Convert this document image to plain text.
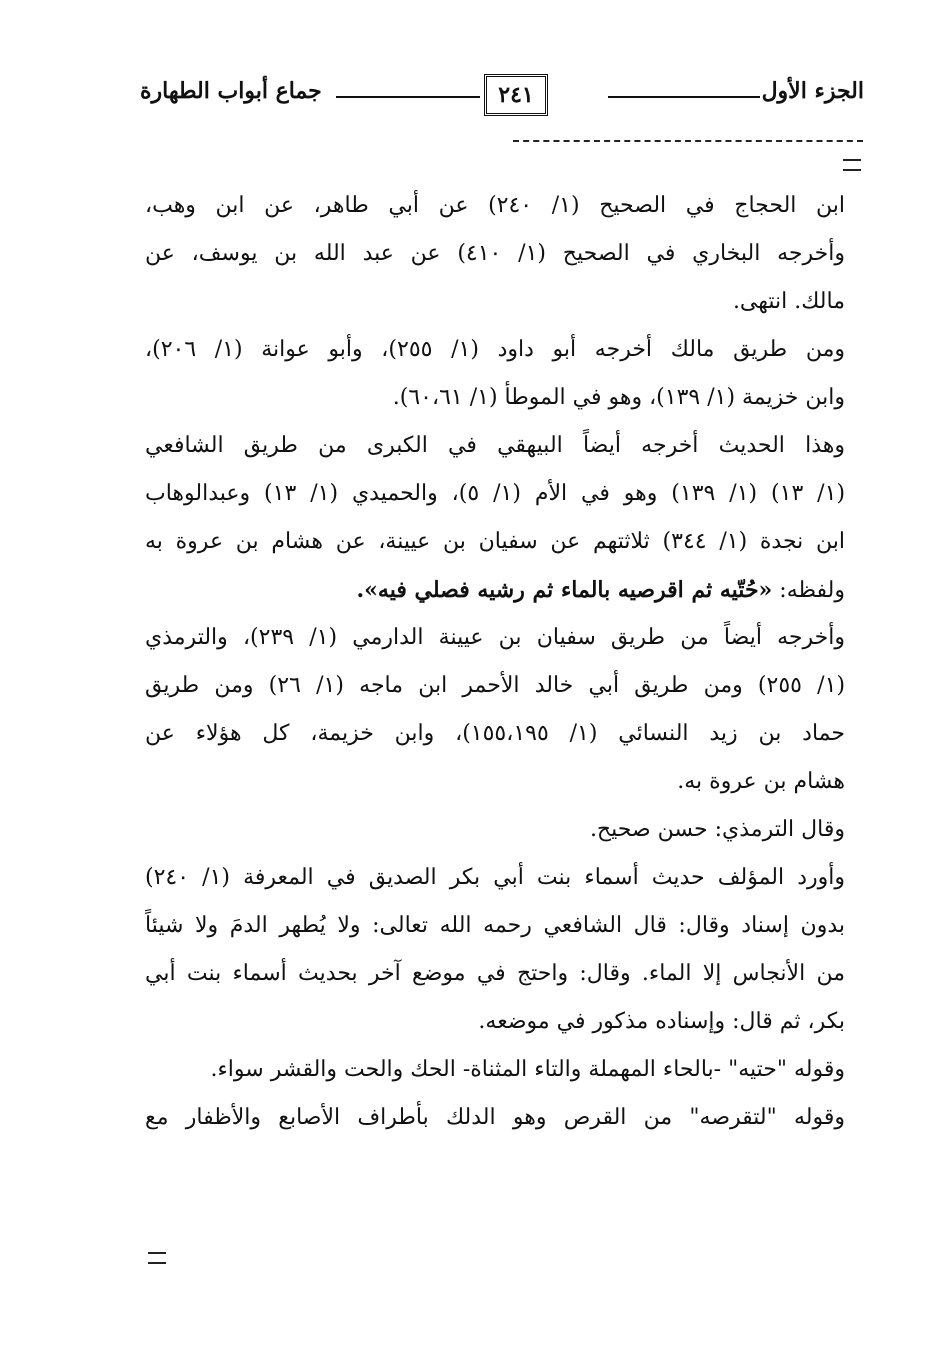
الجزء الأول
٢٤١
جماع أبواب الطهارة
ابن الحجاج في الصحيح (١/ ٢٤٠) عن أبي طاهر، عن ابن وهب،
وأخرجه البخاري في الصحيح (١/ ٤١٠) عن عبد الله بن يوسف، عن
مالك. انتهى.
ومن طريق مالك أخرجه أبو داود (١/ ٢٥٥)، وأبو عوانة (١/ ٢٠٦)،
وابن خزيمة (١/ ١٣٩)، وهو في الموطأ (١/ ٦٠،٦١).
وهذا الحديث أخرجه أيضاً البيهقي في الكبرى من طريق الشافعي
(١/ ١٣) (١/ ١٣٩) وهو في الأم (١/ ٥)، والحميدي (١/ ١٣) وعبدالوهاب
ابن نجدة (١/ ٣٤٤) ثلاثتهم عن سفيان بن عيينة، عن هشام بن عروة به
ولفظه: «حُتّيه ثم اقرصيه بالماء ثم رشيه فصلي فيه».
وأخرجه أيضاً من طريق سفيان بن عيينة الدارمي (١/ ٢٣٩)، والترمذي
(١/ ٢٥٥) ومن طريق أبي خالد الأحمر ابن ماجه (١/ ٢٦) ومن طريق
حماد بن زيد النسائي (١/ ١٥٥،١٩٥)، وابن خزيمة، كل هؤلاء عن
هشام بن عروة به.
وقال الترمذي: حسن صحيح.
وأورد المؤلف حديث أسماء بنت أبي بكر الصديق في المعرفة (١/ ٢٤٠)
بدون إسناد وقال: قال الشافعي رحمه الله تعالى: ولا يُطهر الدمَ ولا شيئاً
من الأنجاس إلا الماء. وقال: واحتج في موضع آخر بحديث أسماء بنت أبي
بكر، ثم قال: وإسناده مذكور في موضعه.
وقوله "حتيه" -بالحاء المهملة والتاء المثناة- الحك والحت والقشر سواء.
وقوله "لتقرصه" من القرص وهو الدلك بأطراف الأصابع والأظفار مع
